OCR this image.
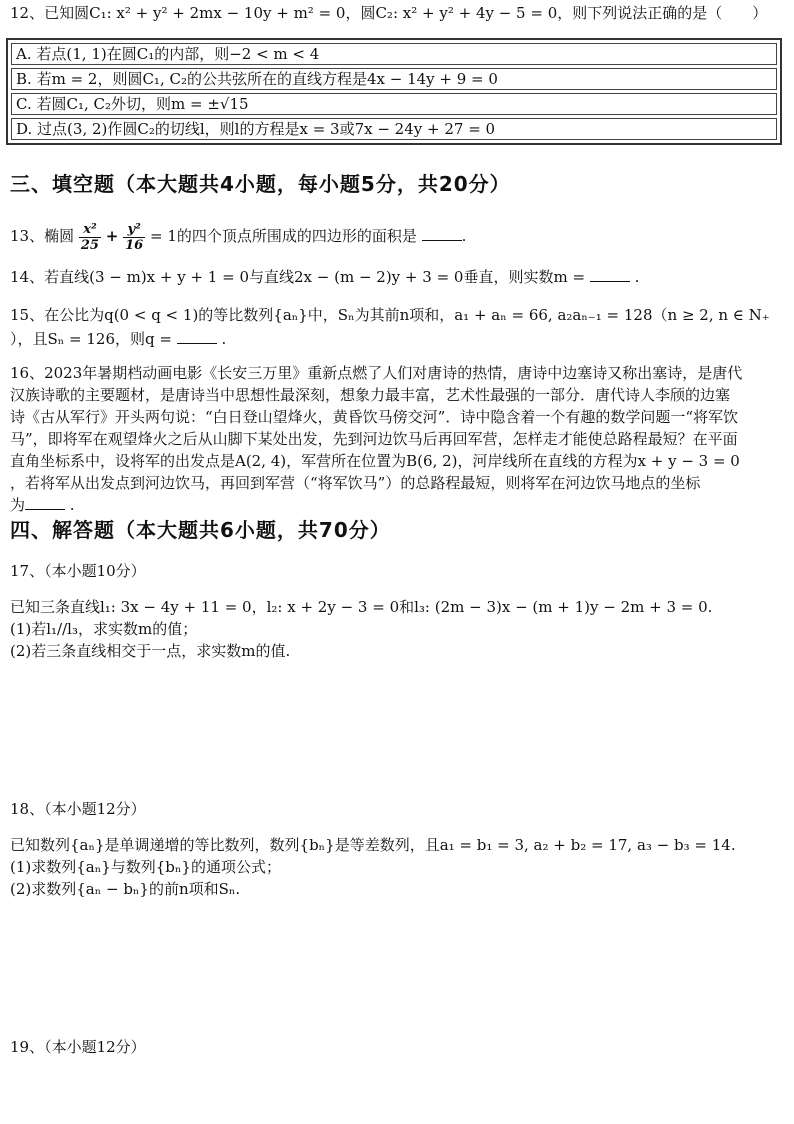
12、已知圆C₁: x² + y² + 2mx − 10y + m² = 0，圆C₂: x² + y² + 4y − 5 = 0，则下列说法正确的是（　　）
A. 若点(1, 1)在圆C₁的内部，则−2 < m < 4
B. 若m = 2，则圆C₁, C₂的公共弦所在的直线方程是4x − 14y + 9 = 0
C. 若圆C₁, C₂外切，则m = ±√15
D. 过点(3, 2)作圆C₂的切线l，则l的方程是x = 3或7x − 24y + 27 = 0
三、填空题（本大题共4小题，每小题5分，共20分）
13、椭圆 $\frac{\text{x²}}{25} + \frac{\text{y²}}{16} = 1$的四个顶点所围成的四边形的面积是	.
14、若直线(3 − m)x + y + 1 = 0与直线2x − (m − 2)y + 3 = 0垂直，则实数m =	.
15、在公比为q(0 < q < 1)的等比数列{aₙ}中，Sₙ为其前n项和，a₁ + aₙ = 66, a₂aₙ₋₁ = 128（n ≥ 2, n ∈ N₊
），且Sₙ = 126，则q =	.
16、2023年暑期档动画电影《长安三万里》重新点燃了人们对唐诗的热情，唐诗中边塞诗又称出塞诗，是唐代
汉族诗歌的主要题材，是唐诗当中思想性最深刻，想象力最丰富，艺术性最强的一部分．唐代诗人李颀的边塞
诗《古从军行》开头两句说：“白日登山望烽火，黄昏饮马傍交河”．诗中隐含着一个有趣的数学问题一“将军饮
马”，即将军在观望烽火之后从山脚下某处出发，先到河边饮马后再回军营，怎样走才能使总路程最短？在平面
直角坐标系中，设将军的出发点是A(2, 4)，军营所在位置为B(6, 2)，河岸线所在直线的方程为x + y − 3 = 0
，若将军从出发点到河边饮马，再回到军营（“将军饮马”）的总路程最短，则将军在河边饮马地点的坐标
为	.
四、解答题（本大题共6小题，共70分）
17、（本小题10分）
已知三条直线l₁: 3x − 4y + 11 = 0，l₂: x + 2y − 3 = 0和l₃: (2m − 3)x − (m + 1)y − 2m + 3 = 0.
(1)若l₁//l₃，求实数m的值；
(2)若三条直线相交于一点，求实数m的值.
18、（本小题12分）
已知数列{aₙ}是单调递增的等比数列，数列{bₙ}是等差数列，且a₁ = b₁ = 3, a₂ + b₂ = 17, a₃ − b₃ = 14.
(1)求数列{aₙ}与数列{bₙ}的通项公式；
(2)求数列{aₙ − bₙ}的前n项和Sₙ.
19、（本小题12分）
